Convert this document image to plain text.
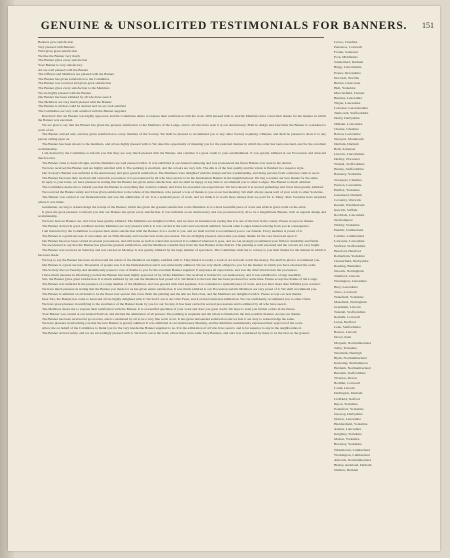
GENUINE & UNSOLICITED TESTIMONIALS FOR BANNERS.	151
Banners gave satisfaction
Very pleased with Banners
Wild gives great satisfaction
We like the Banner very much
The Banner gives every satisfaction
Your Banner is very satisfactory
All are well pleased with the Banner
The Officers and Members are pleased with the Banner
The Banner has given satisfaction to the Committee
The Banner was received and gives great satisfaction
The Banner gives every satisfaction to the Members
We are highly pleased with the Banner
Our Banner has been admired by all who have seen it
The Members are very much pleased with the Banner
The Banner is all that could be desired and we are well satisfied
The Committee are very well satisfied with the Banner supplied

Resolved: that our Banner was highly approved, and the Committee desire to express their satisfaction with the work. Well pleased with it, and the Members have voted their thanks for the manner in which the Banner was executed.

We are glad to say that the Banner has given the greatest satisfaction to the Members of the Lodge, and to all who have seen it at our Anniversary. Both in design and execution the Banner is considered a work of art.

The Banner arrived safe, and has given satisfaction to every member of the Society. We shall be pleased to recommend you to any other Society requiring a Banner, and shall be pleased to show it to any person calling upon us.

The Banner has been shown to the members, and all are highly pleased with it. We take this opportunity of thanking you for the punctual manner in which the order has been executed, and for the excellent workmanship.

I am desired by the Committee to inform you that they are very much pleased with the Banner, and consider it a great credit to your establishment. It was greatly admired at our Procession and attracted much notice.

The Banner came to hand all right, and the Members are well pleased with it. It was exhibited at our Annual Gathering and was pronounced the finest Banner ever seen in the district.

We have received the Banner and are highly satisfied with it. The painting is excellent, and the colours are very rich. The silk is of the best quality and the whole is finished in a superior style.

Our Society's Banner was unfurled at the Anniversary and gave general satisfaction. The Members were delighted with the design and the workmanship, and many persons from a distance came to see it.

The Banner has been duly received and carried in procession. It is pronounced by all who have seen it to be the handsomest Banner in the neighbourhood. We beg to tender our best thanks for the same.

In reply to your letter, we have pleasure in stating that the Banner has given entire satisfaction, and we shall be happy at any time to recommend you to other Lodges. The Banner is much admired.

The Committee desire me to inform you that the Banner is everything that could be wished, and it has far exceeded our expectations. We have shown it at several gatherings and it has been greatly admired.

We received the Banner safely and it has given satisfaction to the whole of the Members, who passed a vote of thanks to you at our last meeting. We shall always speak well of your work to other Societies.

The Banner was carried at our Demonstration and was the admiration of all. It is a splendid piece of work, and we think it is worth more money than we paid for it. Many other Societies have enquired where it was made.

Gentlemen, we beg to acknowledge the receipt of the Banner, which has given the greatest satisfaction to the Members. It is a most beautiful piece of work and reflects great credit on the artist.

It gives me great pleasure to inform you that our Banner has given every satisfaction. It was unfurled at our Anniversary and was pronounced by all to be a magnificent Banner, both as regards design and workmanship.

We have had our Banner out, and it has been greatly admired. The Members are delighted with it, and we have no hesitation in saying that it is one of the best in the county. Please accept our thanks.

The Banner arrived in good condition and the Members are very pleased with it. It was carried at the Gala and was much admired. Several other Lodges intend ordering from you in consequence.

I am instructed by the Committee to express their entire satisfaction with the Banner. It is a credit to you, and we shall not fail to recommend you to our friends. Every member is proud of it.

The Banner is a grand success. It was taken out on Whit-Monday and was the best in the procession. We are all highly pleased, and return you many thanks for the care bestowed upon it.

Our Banner has now been carried in several processions, and still looks as well as when first received. It is admired wherever it goes, and we can strongly recommend your firm for durability and finish.

We are pleased to say that the Banner has given the greatest satisfaction, and the Members consider they have the best Banner in the district. The painting is well executed and the colours are very bright.

The Banner was received on Saturday and was carried on Monday. It was greatly admired by the large number of spectators. The Committee wish me to convey to you their thanks for the manner in which it has been made.

We beg to say the Banner has been received and the whole of the Members are highly satisfied with it. They think it is really a work of art and well worth the money. We shall be glad to recommend you.

Our Banner is a great success. Thousands of people saw it at the Demonstration and it was universally admired. We are very much obliged to you for the manner in which you have executed the order.

The Society met on Tuesday and unanimously passed a vote of thanks to you for the excellent Banner supplied. It surpasses all expectation, and was the chief attraction in the procession.

I have much pleasure in informing you that the Banner has been highly approved of by all the Members. We received it in time for our Anniversary, and it was exhibited to a large assembly.

Sirs, the Banner gives great satisfaction. It is much admired by all, and the Members feel proud of it. We think it is the best that has been produced for some time. Please accept the thanks of the Lodge.

The Banner was unfurled in the presence of a large number of the Members, and was greeted with loud applause. It is considered a splendid piece of work, and you have more than fulfilled your contract.

We have much pleasure in stating that the Banner you made for us has given entire satisfaction. It was much admired at our Procession and the Members are very proud of it. We shall recommend you.

The Banner is admitted on all hands to be the finest ever seen in this town. Both the painting and the silk are first-class, and the Members are delighted with it. Please accept our best thanks.

Dear Sirs, the Banner has come to hand and all are highly delighted with it. We had it out at our Club Feast, and it excited universal admiration. We can confidently recommend you to other Clubs.

We have great pleasure in testifying to the excellence of the Banner made by you for our Society. It has been carried in several processions and is admired by all who have seen it.

The Members desire me to express their satisfaction with the Banner. It is a beautiful specimen of your work and does you great credit. We hope to send you further orders in the future.

Your Banner was carried at our Annual Festival, and elicited the admiration of all present. The painting is exquisite and the whole is finished in the best possible manner. Accept our thanks.

The Banner has been received in good order, and is considered by all to be a very fine work of art. It has given unbounded satisfaction and we feel it our duty to acknowledge the same.

We have pleasure in informing you that the new Banner is greatly admired. It was exhibited at our Anniversary Meeting, and the Members unanimously expressed their approval of the work.

Allow me on behalf of the Committee to thank you for the very handsome Banner supplied to us. It is the admiration of all who have seen it, and is far superior to any in the neighbourhood.

The Banner arrived safely, and we are exceedingly pleased with it. We had it out at the Gala, where there were some forty Banners, and ours was considered by many to be the best on the ground.

Crewe, Cheshire
Penzance, Cornwall
Frome, Somerset
Pool, Middlesbro
Sunderland, Durham
Brigg, Lincolnshire
Exeter, Devonshire
Norwich, Norfolk
Bristol, Gloucester
Hull, Yorkshire
Macclesfield, Chester
Burnley, Lancashire
Wigan, Lancashire
Leicester, Leicestershire
Tamworth, Staffordshire
Derby, Derbyshire
Oldham, Lancashire
Chester, Cheshire
Bolton, Lancashire
Newport, Monmouth
Durham, Durham
Bath, Somerset
Lincoln, Lincolnshire
Dudley, Worcester
Walsall, Staffordshire
Hanley, Staffordshire
Barnsley, Yorkshire
Stockport, Cheshire
Preston, Lancashire
Halifax, Yorkshire
Gateshead, Durham
Coventry, Warwick
Kendal, Westmorland
Ipswich, Suffolk
Rochdale, Lancashire
Northampton
Whitby, Yorkshire
Penrith, Cumberland
Carlisle, Cumberland
Lancaster, Lancashire
Stafford, Staffordshire
Hereford, Hereford
Rotherham, Yorkshire
Chesterfield, Derbyshire
Reading, Berkshire
Newark, Nottingham
Stamford, Lincoln
Warrington, Lancashire
Bury, Lancashire
Truro, Cornwall
Wakefield, Yorkshire
Mansfield, Nottingham
Grantham, Lincoln
Tunstall, Staffordshire
Redruth, Cornwall
Luton, Bedford
Leek, Staffordshire
Boston, Lincoln
Dover, Kent
Morpeth, Northumberland
Selby, Yorkshire
Wrexham, Denbigh
Blyth, Northumberland
Kettering, Northampton
Hexham, Northumberland
Burslem, Staffordshire
Tiverton, Devon
Bodmin, Cornwall
Louth, Lincoln
Darlington, Durham
Lichfield, Stafford
Ripon, Yorkshire
Pontefract, Yorkshire
Glossop, Derbyshire
Nelson, Lancashire
Huddersfield, Yorkshire
Ashton, Lancashire
Keighley, Yorkshire
Malton, Yorkshire
Beverley, Yorkshire
Whitehaven, Cumberland
Workington, Cumberland
Alnwick, Northumberland
Bishop Auckland, Durham
Shildon, Durham
